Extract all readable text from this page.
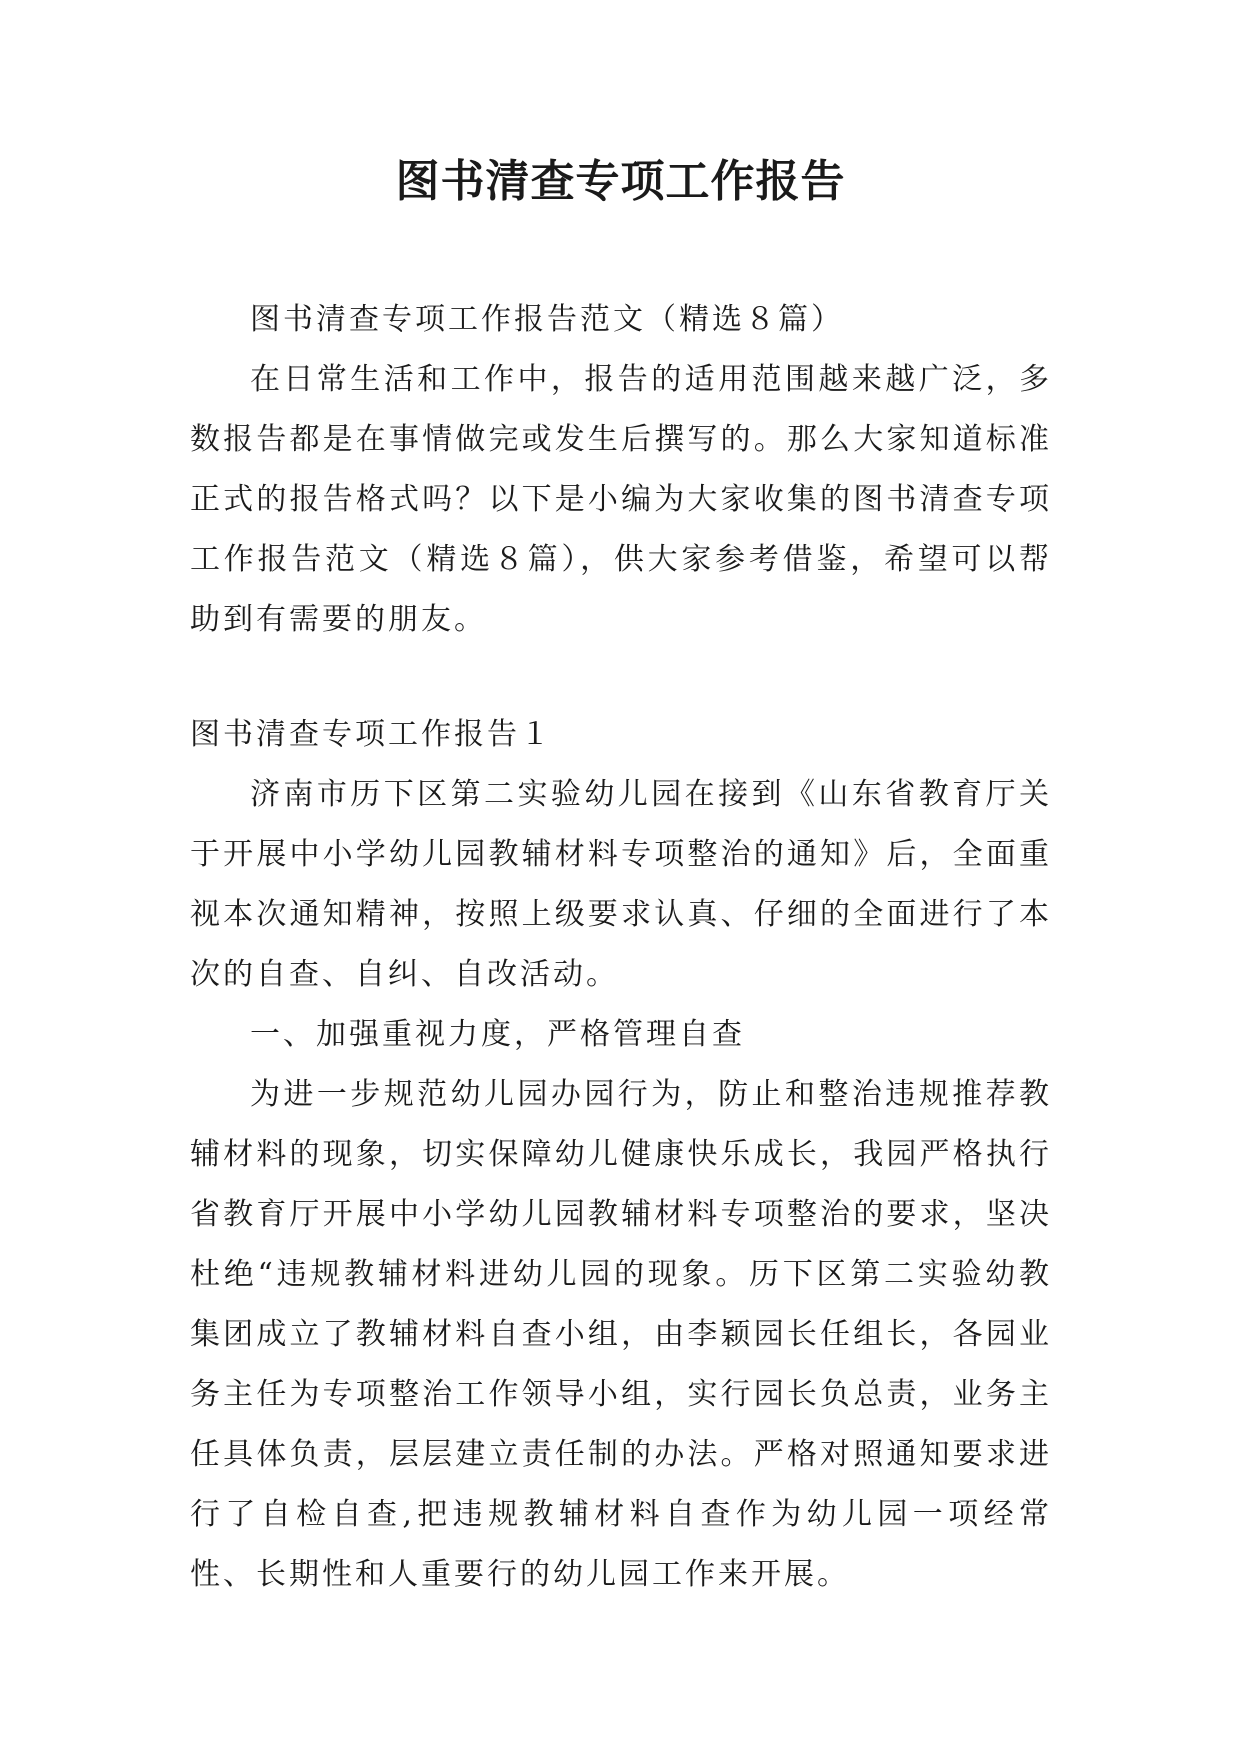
图书清查专项工作报告

图书清查专项工作报告范文（精选８篇）

在日常生活和工作中，报告的适用范围越来越广泛，多数报告都是在事情做完或发生后撰写的。那么大家知道标准正式的报告格式吗？以下是小编为大家收集的图书清查专项工作报告范文（精选８篇），供大家参考借鉴，希望可以帮助到有需要的朋友。

图书清查专项工作报告１

济南市历下区第二实验幼儿园在接到《山东省教育厅关于开展中小学幼儿园教辅材料专项整治的通知》后，全面重视本次通知精神，按照上级要求认真、仔细的全面进行了本次的自查、自纠、自改活动。

一、加强重视力度，严格管理自查

为进一步规范幼儿园办园行为，防止和整治违规推荐教辅材料的现象，切实保障幼儿健康快乐成长，我园严格执行省教育厅开展中小学幼儿园教辅材料专项整治的要求，坚决杜绝“违规教辅材料进幼儿园的现象。历下区第二实验幼教集团成立了教辅材料自查小组，由李颖园长任组长，各园业务主任为专项整治工作领导小组，实行园长负总责，业务主任具体负责，层层建立责任制的办法。严格对照通知要求进行了自检自查,把违规教辅材料自查作为幼儿园一项经常性、长期性和人重要行的幼儿园工作来开展。
